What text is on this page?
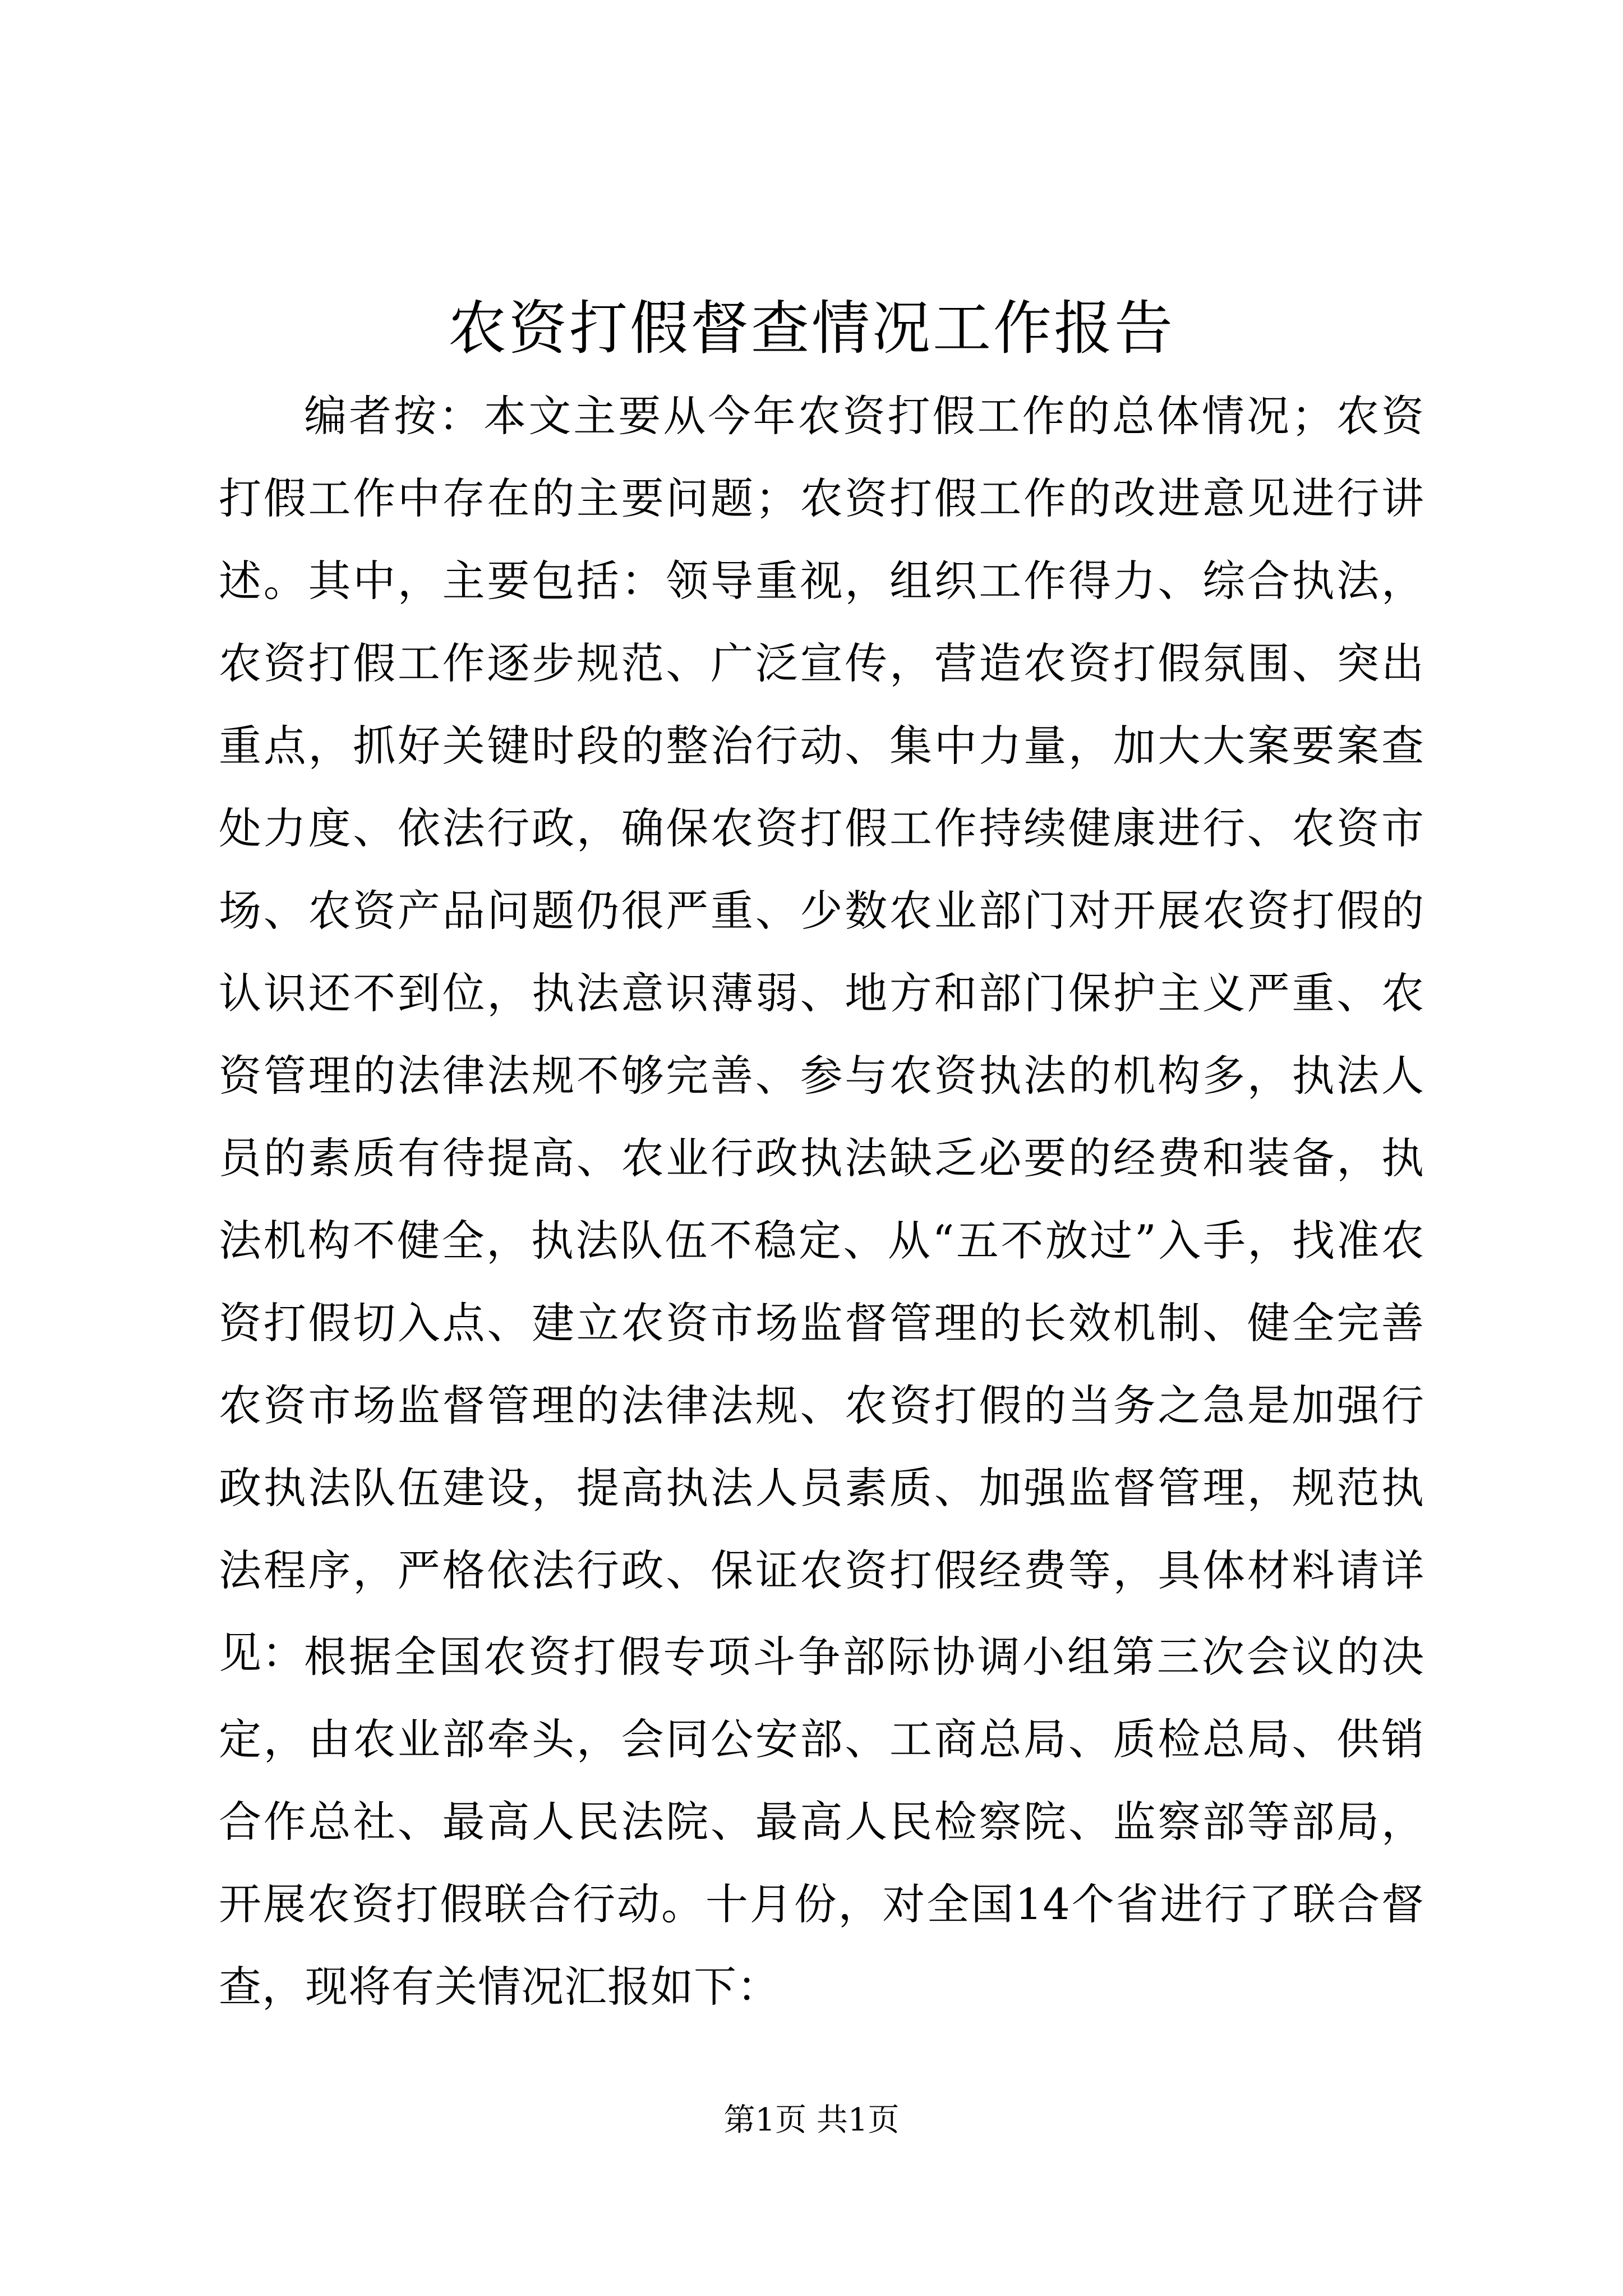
农资打假督查情况工作报告

编者按：本文主要从今年农资打假工作的总体情况；农资打假工作中存在的主要问题；农资打假工作的改进意见进行讲述。其中，主要包括：领导重视，组织工作得力、综合执法，农资打假工作逐步规范、广泛宣传，营造农资打假氛围、突出重点，抓好关键时段的整治行动、集中力量，加大大案要案查处力度、依法行政，确保农资打假工作持续健康进行、农资市场、农资产品问题仍很严重、少数农业部门对开展农资打假的认识还不到位，执法意识薄弱、地方和部门保护主义严重、农资管理的法律法规不够完善、参与农资执法的机构多，执法人员的素质有待提高、农业行政执法缺乏必要的经费和装备，执法机构不健全，执法队伍不稳定、从“五不放过”入手，找准农资打假切入点、建立农资市场监督管理的长效机制、健全完善农资市场监督管理的法律法规、农资打假的当务之急是加强行政执法队伍建设，提高执法人员素质、加强监督管理，规范执法程序，严格依法行政、保证农资打假经费等，具体材料请详见：

根据全国农资打假专项斗争部际协调小组第三次会议的决定，由农业部牵头，会同公安部、工商总局、质检总局、供销合作总社、最高人民法院、最高人民检察院、监察部等部局，开展农资打假联合行动。十月份，对全国14个省进行了联合督查，现将有关情况汇报如下：

第1页 共1页
